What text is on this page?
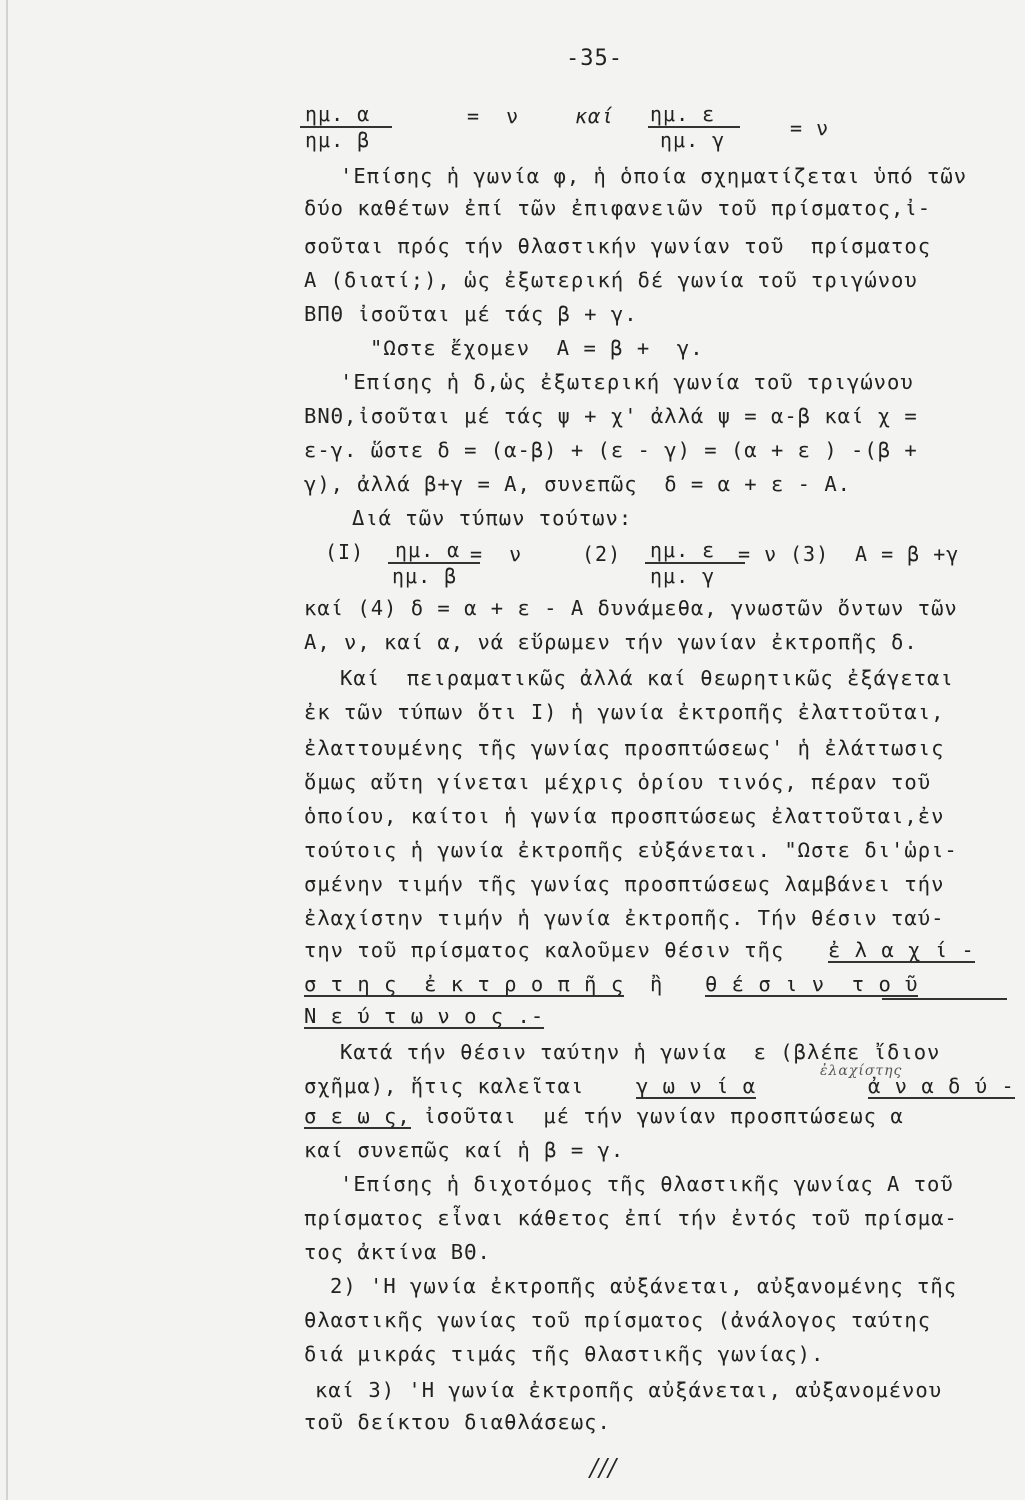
-35-
ημ. α
ημ. β
=  ν	καί ημ. ε
ημ. γ	= ν
'Επίσης ἡ γωνία φ, ἡ ὁποία σχηματίζεται ὑπό τῶν
δύο καθέτων ἐπί τῶν ἐπιφανειῶν τοῦ πρίσματος,ἰ-
σοῦται πρός τήν θλαστικήν γωνίαν τοῦ  πρίσματος
Α (διατί;), ὡς ἐξωτερική δέ γωνία τοῦ τριγώνου
ΒΠΘ ἰσοῦται μέ τάς β + γ.
"Ωστε ἔχομεν  Α = β +  γ.
'Επίσης ἡ δ,ὡς ἐξωτερική γωνία τοῦ τριγώνου
ΒΝΘ,ἰσοῦται μέ τάς ψ + χ' ἀλλά ψ = α-β καί χ =
ε-γ. ὥστε δ = (α-β) + (ε - γ) = (α + ε ) -(β +
γ), ἀλλά β+γ = Α, συνεπῶς  δ = α + ε - Α.
Διά τῶν τύπων τούτων:
(I) ημ. α
ημ. β
=  ν	(2) ημ. ε
ημ. γ
= ν (3) Α = β +γ
καί (4) δ = α + ε - Α δυνάμεθα, γνωστῶν ὄντων τῶν
Α, ν, καί α, νά εὕρωμεν τήν γωνίαν ἐκτροπῆς δ.
Καί  πειραματικῶς ἀλλά καί θεωρητικῶς ἐξάγεται
ἐκ τῶν τύπων ὅτι I) ἡ γωνία ἐκτροπῆς ἐλαττοῦται,
ἐλαττουμένης τῆς γωνίας προσπτώσεως' ἡ ἐλάττωσις
ὅμως αὔτη γίνεται μέχρις ὁρίου τινός, πέραν τοῦ
ὁποίου, καίτοι ἡ γωνία προσπτώσεως ἐλαττοῦται,ἐν
τούτοις ἡ γωνία ἐκτροπῆς εὐξάνεται. "Ωστε δι'ὡρι-
σμένην τιμήν τῆς γωνίας προσπτώσεως λαμβάνει τήν
ἐλαχίστην τιμήν ἡ γωνία ἐκτροπῆς. Τήν θέσιν ταύ-
την τοῦ πρίσματος καλοῦμεν θέσιν τῆς ἐ λ α χ ί -
σ τ η ς  ἐ κ τ ρ ο π ῆ ς ἢ θ έ σ ι ν  τ ο ῦ
Ν ε ύ τ ω ν ο ς .-
Κατά τήν θέσιν ταύτην ἡ γωνία  ε (βλέπε ἴδιον
σχῆμα), ἥτις καλεῖται	γ ω ν ί α
ἐλαχίστης
ἀ ν α δ ύ -
σ ε ω ς, ἰσοῦται  μέ τήν γωνίαν προσπτώσεως α
καί συνεπῶς καί ἡ β = γ.
'Επίσης ἡ διχοτόμος τῆς θλαστικῆς γωνίας Α τοῦ
πρίσματος εἶναι κάθετος ἐπί τήν ἐντός τοῦ πρίσμα-
τος ἀκτίνα ΒΘ.
2) 'Η γωνία ἐκτροπῆς αὐξάνεται, αὐξανομένης τῆς
θλαστικῆς γωνίας τοῦ πρίσματος (ἀνάλογος ταύτης
διά μικράς τιμάς τῆς θλαστικῆς γωνίας).
καί 3) 'Η γωνία ἐκτροπῆς αὐξάνεται, αὐξανομένου
τοῦ δείκτου διαθλάσεως.
///
